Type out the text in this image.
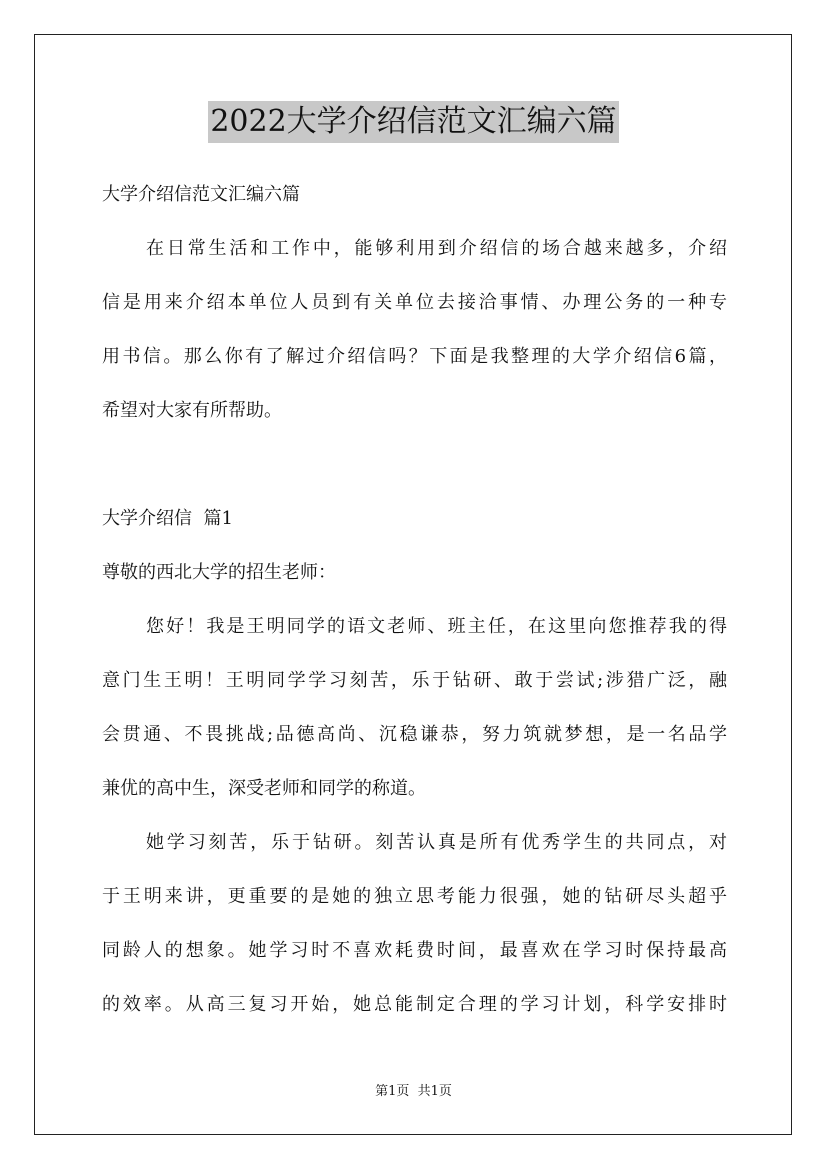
2022大学介绍信范文汇编六篇
大学介绍信范文汇编六篇
在日常生活和工作中，能够利用到介绍信的场合越来越多，介绍
信是用来介绍本单位人员到有关单位去接洽事情、办理公务的一种专
用书信。那么你有了解过介绍信吗？下面是我整理的大学介绍信6篇，
希望对大家有所帮助。
大学介绍信  篇1
尊敬的西北大学的招生老师：
您好！我是王明同学的语文老师、班主任，在这里向您推荐我的得
意门生王明！王明同学学习刻苦，乐于钻研、敢于尝试;涉猎广泛，融
会贯通、不畏挑战;品德高尚、沉稳谦恭，努力筑就梦想，是一名品学
兼优的高中生，深受老师和同学的称道。
她学习刻苦，乐于钻研。刻苦认真是所有优秀学生的共同点，对
于王明来讲，更重要的是她的独立思考能力很强，她的钻研尽头超乎
同龄人的想象。她学习时不喜欢耗费时间，最喜欢在学习时保持最高
的效率。从高三复习开始，她总能制定合理的学习计划，科学安排时
第1页  共1页
